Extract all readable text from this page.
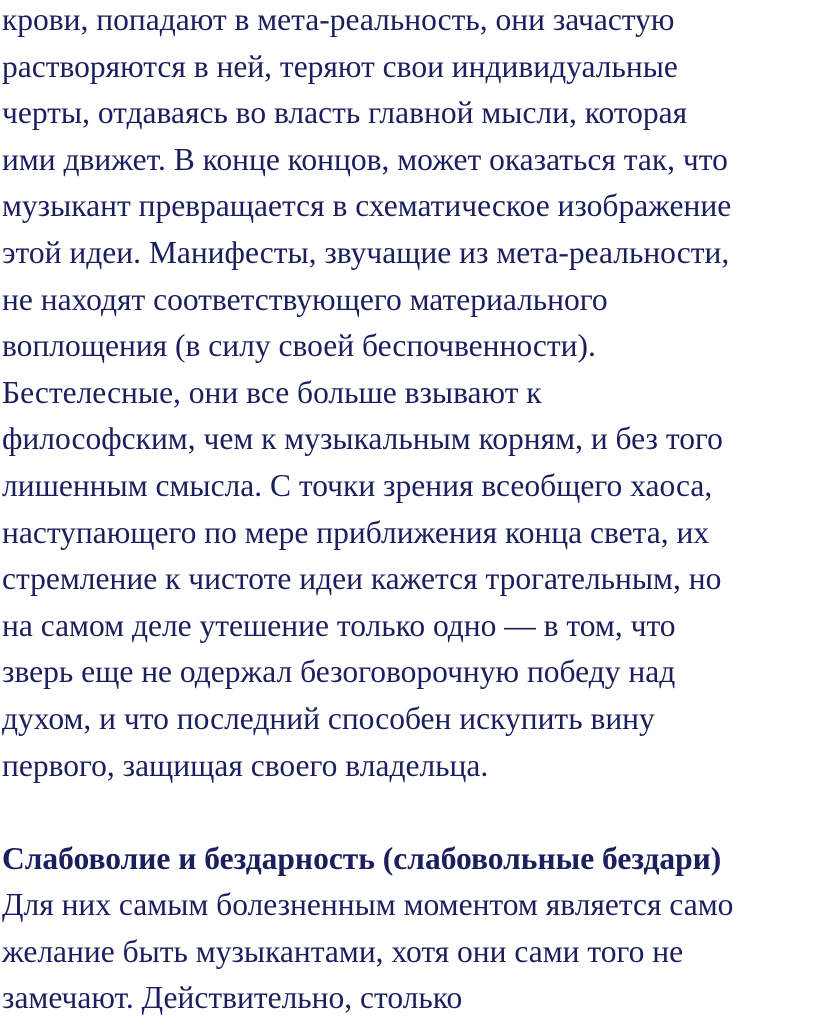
крови, попадают в мета-реальность, они зачастую
растворяются в ней, теряют свои индивидуальные
черты, отдаваясь во власть главной мысли, которая
ими движет. В конце концов, может оказаться так, что
музыкант превращается в схематическое изображение
этой идеи. Манифесты, звучащие из мета-реальности,
не находят соответствующего материального
воплощения (в силу своей беспочвенности).
Бестелесные, они все больше взывают к
философским, чем к музыкальным корням, и без того
лишенным смысла. С точки зрения всеобщего хаоса,
наступающего по мере приближения конца света, их
стремление к чистоте идеи кажется трогательным, но
на самом деле утешение только одно — в том, что
зверь еще не одержал безоговорочную победу над
духом, и что последний способен искупить вину
первого, защищая своего владельца.
Слабоволие и бездарность (слабовольные бездари)
Для них самым болезненным моментом является само
желание быть музыкантами, хотя они сами того не
замечают. Действительно, столько
